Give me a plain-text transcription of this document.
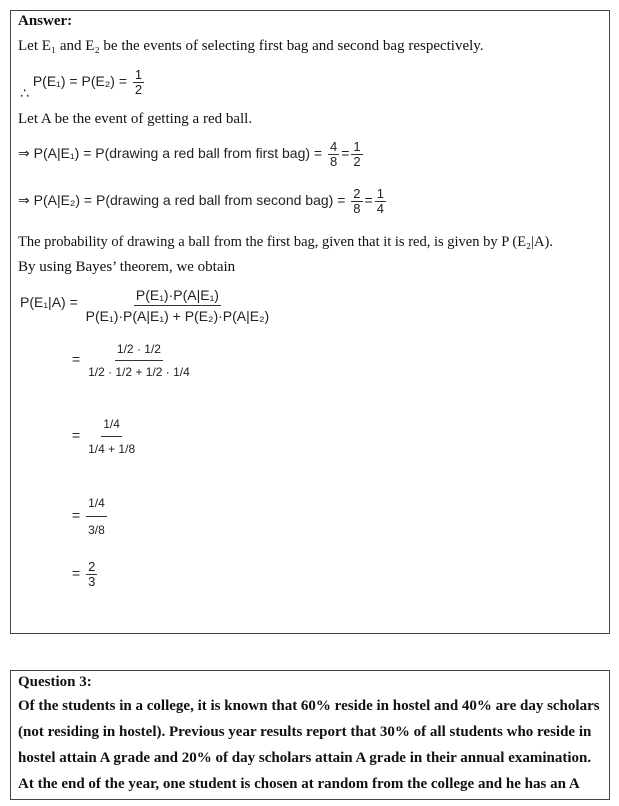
Answer:
Let E₁ and E₂ be the events of selecting first bag and second bag respectively.
∴ $P(E_1) = P(E_2) = \frac{1}{2}$
Let A be the event of getting a red ball.
⇒ P(A|E₁) = P(drawing a red ball from first $bag) = \frac{4}{8} = \frac{1}{2}$
⇒ P(A|E₂) = P(drawing a red ball from second $bag) = \frac{2}{8} = \frac{1}{4}$
The probability of drawing a ball from the first bag, given that it is red, is given by P (E₂|A).
By using Bayes’ theorem, we obtain
$P(E_1|A) = \frac{\text{P(E₁)·P(A|E₁)}}{\text{P(E₁)·P(A|E₁) + P(E₂)·P(A|E₂)}}$
= $\frac{1/2 \cdot 1/2}{1/2 \cdot 1/2 + 1/2 \cdot 1/4}$
= $\frac{1/4}{1/4 + 1/8}$
= $\frac{1/4}{3/8}$
= $\frac{2}{3}$
Question 3:
Of the students in a college, it is known that 60% reside in hostel and 40% are day scholars
(not residing in hostel). Previous year results report that 30% of all students who reside in
hostel attain A grade and 20% of day scholars attain A grade in their annual examination.
At the end of the year, one student is chosen at random from the college and he has an A
